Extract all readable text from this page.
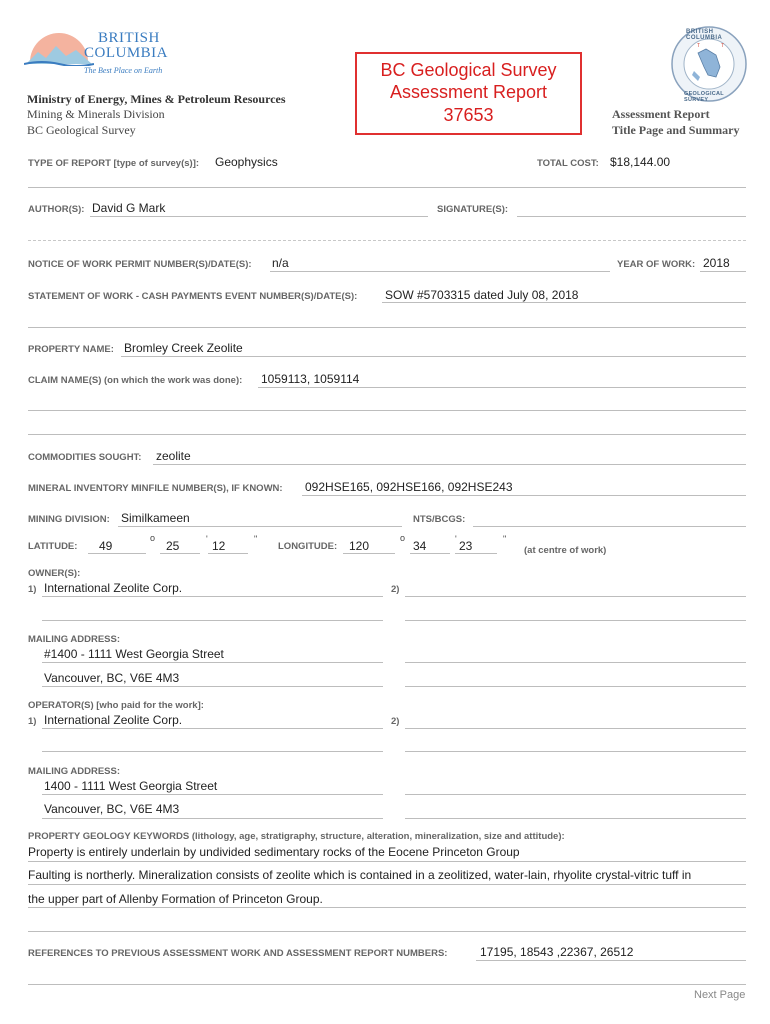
BRITISH
COLUMBIA
The Best Place on Earth
Ministry of Energy, Mines & Petroleum Resources
Mining & Minerals Division
BC Geological Survey
BC Geological Survey
Assessment Report
37653
T	T
BRITISH COLUMBIA
GEOLOGICAL SURVEY
Assessment Report
Title Page and Summary
TYPE OF REPORT [type of survey(s)]: Geophysics	TOTAL COST: $18,144.00
AUTHOR(S): David G Mark	SIGNATURE(S):
NOTICE OF WORK PERMIT NUMBER(S)/DATE(S): n/a	YEAR OF WORK: 2018
STATEMENT OF WORK - CASH PAYMENTS EVENT NUMBER(S)/DATE(S): SOW #5703315 dated July 08, 2018
PROPERTY NAME: Bromley Creek Zeolite
CLAIM NAME(S) (on which the work was done): 1059113, 1059114
COMMODITIES SOUGHT: zeolite
MINERAL INVENTORY MINFILE NUMBER(S), IF KNOWN: 092HSE165, 092HSE166, 092HSE243
MINING DIVISION: Similkameen	NTS/BCGS:
LATITUDE: 49
o
25	' 12	"
LONGITUDE: 120
o
34	' 23	"
(at centre of work)
OWNER(S):
1) International Zeolite Corp.	2)
MAILING ADDRESS:
#1400 - 1111 West Georgia Street
Vancouver, BC, V6E 4M3
OPERATOR(S) [who paid for the work]:
1) International Zeolite Corp.	2)
MAILING ADDRESS:
1400 - 1111 West Georgia Street
Vancouver, BC, V6E 4M3
PROPERTY GEOLOGY KEYWORDS (lithology, age, stratigraphy, structure, alteration, mineralization, size and attitude):
Property is entirely underlain by undivided sedimentary rocks of the Eocene Princeton Group
Faulting is northerly. Mineralization consists of zeolite which is contained in a zeolitized, water-lain, rhyolite crystal-vitric tuff in
the upper part of Allenby Formation of Princeton Group.
REFERENCES TO PREVIOUS ASSESSMENT WORK AND ASSESSMENT REPORT NUMBERS:	17195, 18543 ,22367, 26512
Next Page
